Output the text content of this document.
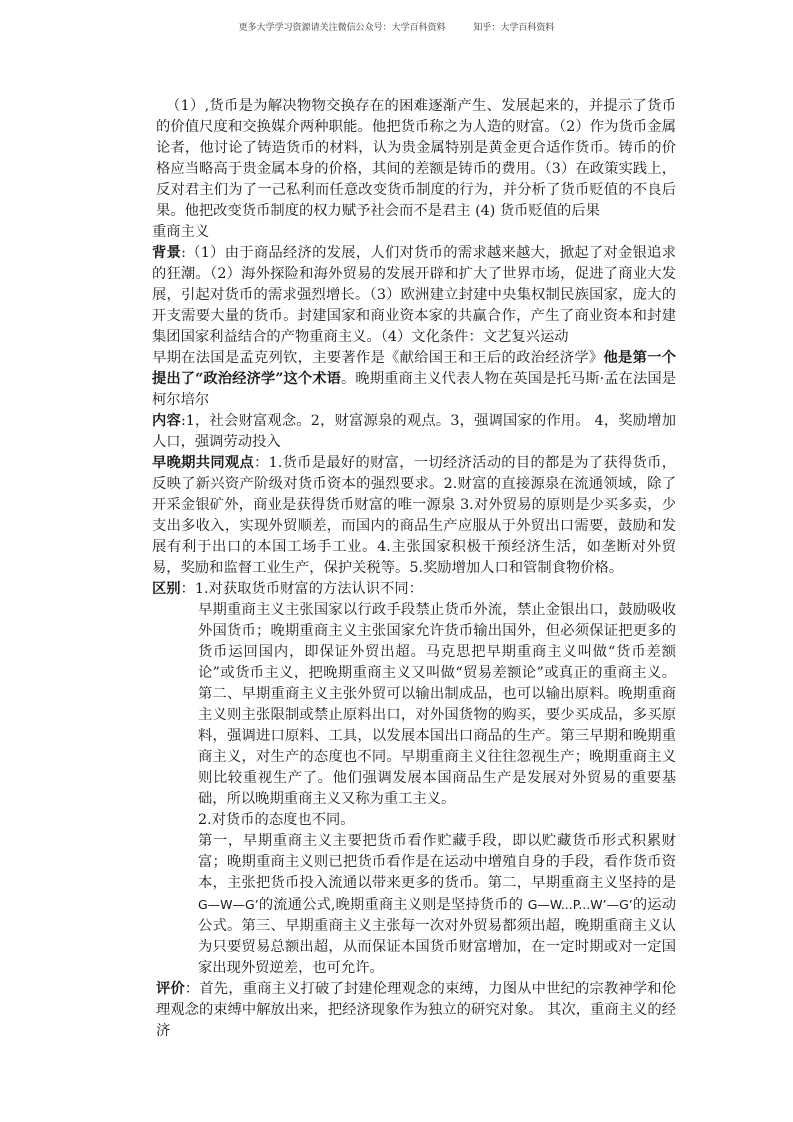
更多大学学习资源请关注微信公众号：大学百科资料	知乎：大学百科资料

（1）,货币是为解决物物交换存在的困难逐渐产生、发展起来的，并提示了货币的价值尺度和交换媒介两种职能。他把货币称之为人造的财富。（2）作为货币金属论者，他讨论了铸造货币的材料，认为贵金属特别是黄金更合适作货币。铸币的价格应当略高于贵金属本身的价格，其间的差额是铸币的费用。（3）在政策实践上，反对君主们为了一己私利而任意改变货币制度的行为，并分析了货币贬值的不良后果。他把改变货币制度的权力赋予社会而不是君主 (4) 货币贬值的后果

重商主义

背景:（1）由于商品经济的发展，人们对货币的需求越来越大，掀起了对金银追求的狂潮。（2）海外探险和海外贸易的发展开辟和扩大了世界市场，促进了商业大发展，引起对货币的需求强烈增长。（3）欧洲建立封建中央集权制民族国家，庞大的开支需要大量的货币。封建国家和商业资本家的共赢合作，产生了商业资本和封建集团国家利益结合的产物重商主义。（4）文化条件：文艺复兴运动

早期在法国是孟克列钦，主要著作是《献给国王和王后的政治经济学》他是第一个提出了“政治经济学”这个术语。晚期重商主义代表人物在英国是托马斯·孟在法国是柯尔培尔

内容:1，社会财富观念。2，财富源泉的观点。3，强调国家的作用。 4，奖励增加人口，强调劳动投入

早晚期共同观点：1.货币是最好的财富，一切经济活动的目的都是为了获得货币，反映了新兴资产阶级对货币资本的强烈要求。2.财富的直接源泉在流通领域，除了开采金银矿外，商业是获得货币财富的唯一源泉 3.对外贸易的原则是少买多卖，少支出多收入，实现外贸顺差，而国内的商品生产应服从于外贸出口需要，鼓励和发展有利于出口的本国工场手工业。4.主张国家积极干预经济生活，如垄断对外贸易，奖励和监督工业生产，保护关税等。5.奖励增加人口和管制食物价格。

区别：1.对获取货币财富的方法认识不同：

早期重商主义主张国家以行政手段禁止货币外流，禁止金银出口，鼓励吸收外国货币；晚期重商主义主张国家允许货币输出国外，但必须保证把更多的货币运回国内，即保证外贸出超。马克思把早期重商主义叫做“货币差额论”或货币主义，把晚期重商主义又叫做“贸易差额论”或真正的重商主义。 第二、早期重商主义主张外贸可以输出制成品，也可以输出原料。晚期重商主义则主张限制或禁止原料出口，对外国货物的购买，要少买成品，多买原料，强调进口原料、工具，以发展本国出口商品的生产。第三早期和晚期重商主义，对生产的态度也不同。早期重商主义往往忽视生产；晚期重商主义则比较重视生产了。他们强调发展本国商品生产是发展对外贸易的重要基础，所以晚期重商主义又称为重工主义。

2.对货币的态度也不同。

第一，早期重商主义主要把货币看作贮藏手段，即以贮藏货币形式积累财富；晚期重商主义则已把货币看作是在运动中增殖自身的手段，看作货币资本，主张把货币投入流通以带来更多的货币。第二，早期重商主义坚持的是 G—W—G’的流通公式,晚期重商主义则是坚持货币的 G—W...P...W’—G’的运动公式。第三、早期重商主义主张每一次对外贸易都须出超，晚期重商主义认为只要贸易总额出超，从而保证本国货币财富增加，在一定时期或对一定国家出现外贸逆差，也可允许。

评价：首先，重商主义打破了封建伦理观念的束缚，力图从中世纪的宗教神学和伦理观念的束缚中解放出来，把经济现象作为独立的研究对象。 其次，重商主义的经济
